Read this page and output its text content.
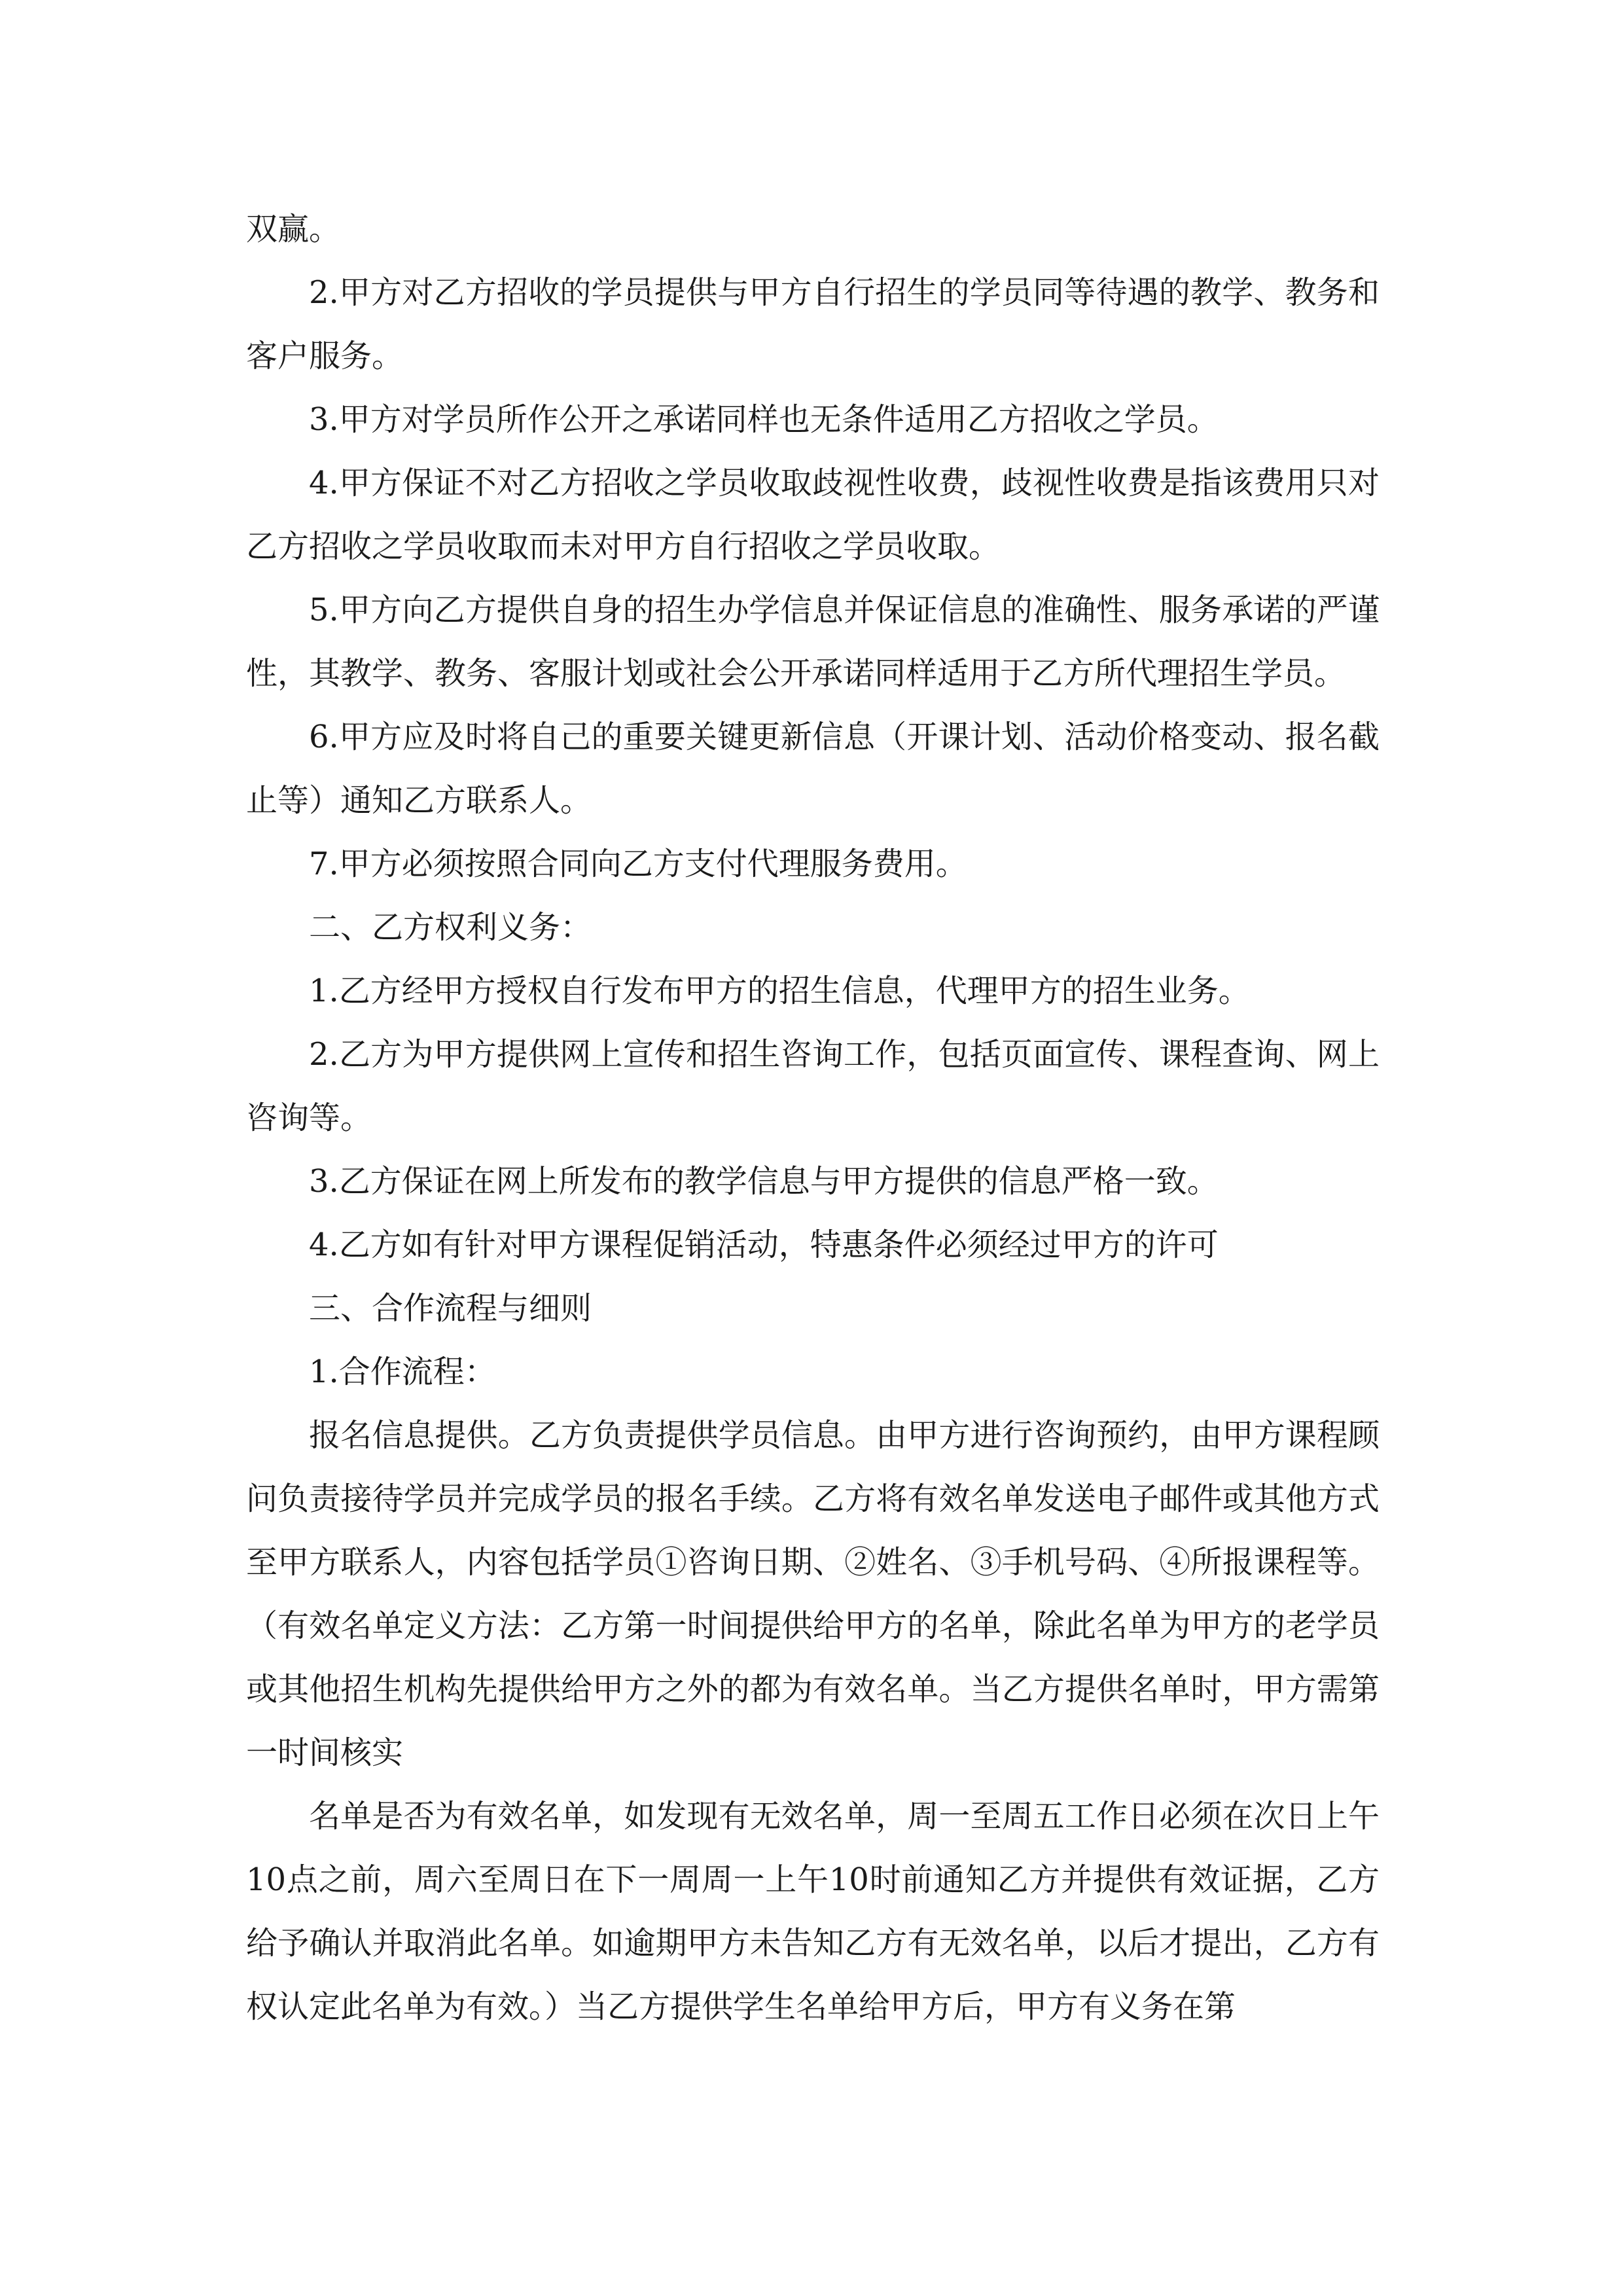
双赢。

2.甲方对乙方招收的学员提供与甲方自行招生的学员同等待遇的教学、教务和客户服务。

3.甲方对学员所作公开之承诺同样也无条件适用乙方招收之学员。

4.甲方保证不对乙方招收之学员收取歧视性收费，歧视性收费是指该费用只对乙方招收之学员收取而未对甲方自行招收之学员收取。

5.甲方向乙方提供自身的招生办学信息并保证信息的准确性、服务承诺的严谨性，其教学、教务、客服计划或社会公开承诺同样适用于乙方所代理招生学员。

6.甲方应及时将自己的重要关键更新信息（开课计划、活动价格变动、报名截止等）通知乙方联系人。

7.甲方必须按照合同向乙方支付代理服务费用。

二、乙方权利义务：

1.乙方经甲方授权自行发布甲方的招生信息，代理甲方的招生业务。

2.乙方为甲方提供网上宣传和招生咨询工作，包括页面宣传、课程查询、网上咨询等。

3.乙方保证在网上所发布的教学信息与甲方提供的信息严格一致。

4.乙方如有针对甲方课程促销活动，特惠条件必须经过甲方的许可

三、合作流程与细则

1.合作流程：

报名信息提供。乙方负责提供学员信息。由甲方进行咨询预约，由甲方课程顾问负责接待学员并完成学员的报名手续。乙方将有效名单发送电子邮件或其他方式至甲方联系人，内容包括学员①咨询日期、②姓名、③手机号码、④所报课程等。（有效名单定义方法：乙方第一时间提供给甲方的名单，除此名单为甲方的老学员或其他招生机构先提供给甲方之外的都为有效名单。当乙方提供名单时，甲方需第一时间核实

名单是否为有效名单，如发现有无效名单，周一至周五工作日必须在次日上午10点之前，周六至周日在下一周周一上午10时前通知乙方并提供有效证据，乙方给予确认并取消此名单。如逾期甲方未告知乙方有无效名单，以后才提出，乙方有权认定此名单为有效。）当乙方提供学生名单给甲方后，甲方有义务在第
